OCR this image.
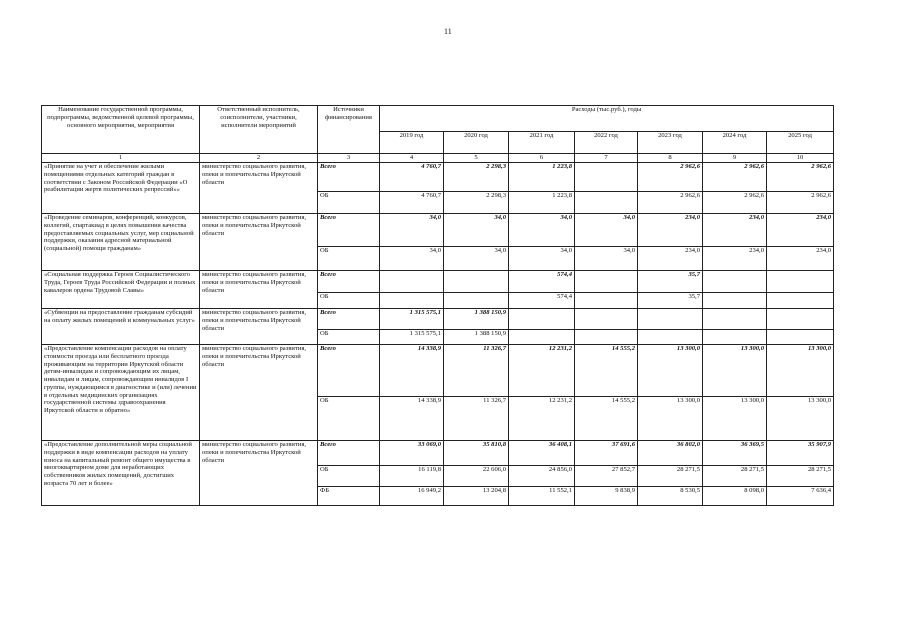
11
Наименование государственной программы, подпрограммы, ведомственной целевой программы, основного мероприятия, мероприятия	Ответственный исполнитель, соисполнители, участники, исполнители мероприятий	Источники финансирования	Расходы (тыс.руб.), годы						
			2019 год	2020 год	2021 год	2022 год	2023 год	2024 год	2025 год
1	2	3	4	5	6	7	8	9	10
«Принятие на учет и обеспечение жилыми помещениями отдельных категорий граждан в соответствии с Законом Российской Федерации «О реабилитации жертв политических репрессий»»	министерство социального развития, опеки и попечительства Иркутской области	Всего	4 760,7	2 298,3	1 223,8		2 962,6	2 962,6	2 962,6
		ОБ	4 760,7	2 298,3	1 223,8		2 962,6	2 962,6	2 962,6
«Проведение семинаров, конференций, конкурсов, коллегий, спартакиад в целях повышения качества предоставляемых социальных услуг, мер социальной поддержки, оказания адресной материальной (социальной) помощи гражданам»	министерство социального развития, опеки и попечительства Иркутской области	Всего	34,0	34,0	34,0	34,0	234,0	234,0	234,0
		ОБ	34,0	34,0	34,0	34,0	234,0	234,0	234,0
«Социальная поддержка Героев Социалистического Труда, Героев Труда Российской Федерации и полных кавалеров ордена Трудовой Славы»	министерство социального развития, опеки и попечительства Иркутской области	Всего			574,4		35,7		
		ОБ			574,4		35,7		
«Субвенции на предоставление гражданам субсидий на оплату жилых помещений и коммунальных услуг»	министерство социального развития, опеки и попечительства Иркутской области	Всего	1 315 575,1	1 388 150,9					
		ОБ	1 315 575,1	1 388 150,9					
«Предоставление компенсации расходов на оплату стоимости проезда или бесплатного проезда проживающим на территории Иркутской области детям-инвалидам и сопровождающим их лицам, инвалидам и лицам, сопровождающим инвалидов I группы, нуждающимся в диагностике и (или) лечении в отдельных медицинских организациях государственной системы здравоохранения Иркутской области и обратно»	министерство социального развития, опеки и попечительства Иркутской области	Всего	14 338,9	11 326,7	12 231,2	14 555,2	13 300,0	13 300,0	13 300,0
		ОБ	14 338,9	11 326,7	12 231,2	14 555,2	13 300,0	13 300,0	13 300,0
«Предоставление дополнительной меры социальной поддержки в виде компенсации расходов на уплату взноса на капитальный ремонт общего имущества в многоквартирном доме для неработающих собственников жилых помещений, достигших возраста 70 лет и более»	министерство социального развития, опеки и попечительства Иркутской области	Всего	33 069,0	35 810,8	36 408,1	37 691,6	36 802,0	36 369,5	35 907,9
		ОБ	16 119,8	22 606,0	24 856,0	27 852,7	28 271,5	28 271,5	28 271,5
		ФБ	16 949,2	13 204,8	11 552,1	9 838,9	8 530,5	8 098,0	7 636,4
